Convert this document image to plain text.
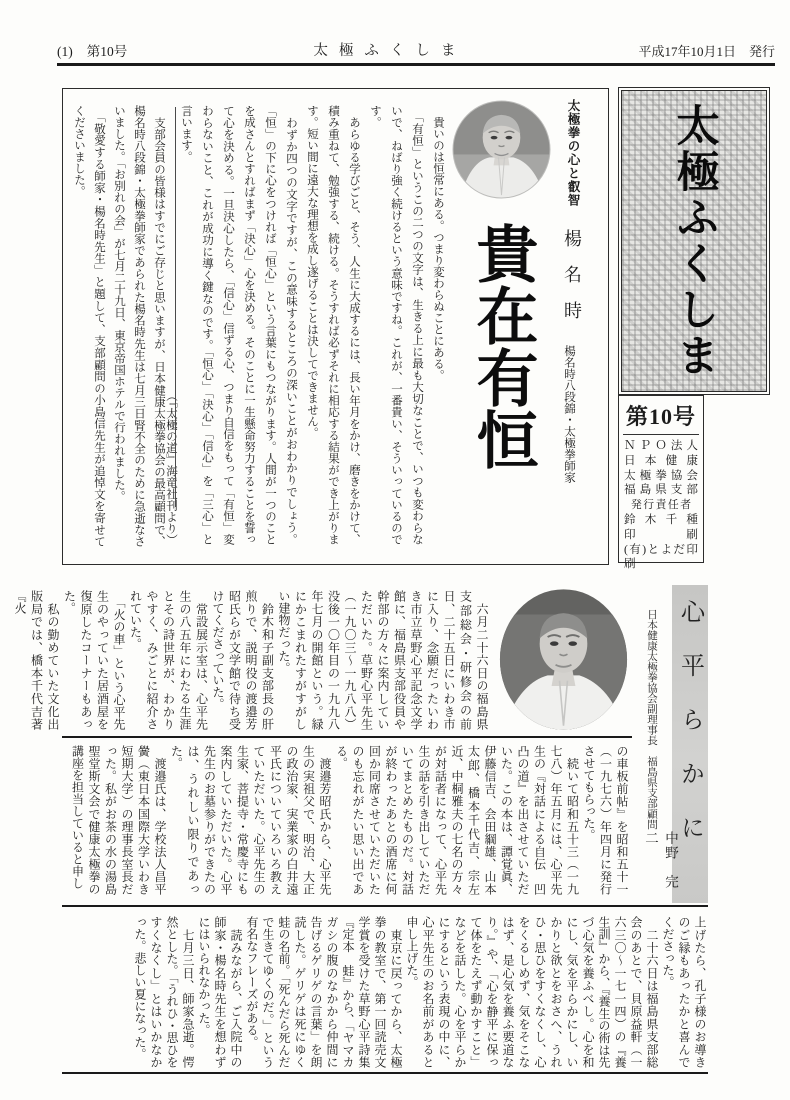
(1) 第10号	太極ふくしま	平成17年10月1日　発行
太極拳の心と叡智
楊　名　時
楊名時八段錦・太極拳師家
貴在有恒

　貴いのは恒常にある。つまり変わらぬことにある。

　「有恒」というこの二つの文字は、生きる上に最も大切なことで、いつも変わらないで、ねばり強く続けるという意味ですね。これが、一番貴い、そういっているのです。

　あらゆる学びごと、そう、人生に大成するには、長い年月をかけ、磨きをかけて、積み重ねて、勉強する、続ける。そうすれば必ずそれに相応する結果ができ上がります。短い間に遠大な理想を成し遂げることは決してできません。

　わずか四つの文字ですが、この意味するところの深いことがおわかりでしょう。「恒」の下に心をつければ「恒心」という言葉にもつながります。人間が一つのことを成さんとすればまず「決心」心を決める。そのことに一生懸命努力することを誓って心を決める。一旦決心したら、「信心」信ずる心、つまり自信をもって「有恒」変わらないこと、これが成功に導く鍵なのです。「恒心」「決心」「信心」を「三心」と言います。

（『太極の道』海竜社刊より）

　支部会員の皆様はすでにご存じと思いますが、日本健康太極拳協会の最高顧問で、楊名時八段錦・太極拳師家であられた楊名時先生は七月三日腎不全のために急逝なさいました。「お別れの会」が七月二十九日、東京帝国ホテルで行われました。

　「敬愛する師家・楊名時先生」と題して、支部顧問の小島信先生が追悼文を寄せてくださいました。	太極ふくしま
第10号

ＮＰＯ法人

日本健康

太極拳協会

福島県支部

発行責任者

鈴木千種

印刷

(有)とよだ印刷

　六月二十六日の福島県支部総会・研修会の前日、二十五日にいわき市に入り、念願だったいわき市立草野心平記念文学館に、福島県支部役員や幹部の方々に案内していただいた。草野心平先生（一九〇三〜一九八八）没後一〇年目の一九九八年七月の開館という。緑にかこまれたすがすがしい建物だった。

　鈴木和子副支部長の肝煎りで、説明役の渡邉芳昭氏らが文学館で待ち受けてくださっていた。

　常設展示室は、心平先生の八五年にわたる生涯とその詩世界が、わかりやすく、みごとに紹介されていた。

　「火の車」という心平先生のやっていた居酒屋を復原したコーナーもあった。

　私の勤めていた文化出版局では、橋本千代吉著『火

の車板前帖』を昭和五十一（一九七六）年四月に発行させてもらった。

　続いて昭和五十三（一九七八）年五月には、心平先生の『対話による自伝　凹凸の道』を出させていただいた。この本は、譚覚眞、伊藤信吉、会田綱雄、山本太郎、橋本千代吉、宗左近、中桐雅夫の七名の方々が対話者になって、心平先生の話を引き出していただいてまとめたものだ。対話が終わったあとの酒席に何回か同席させていただいたのも忘れがたい思い出である。

　渡邉芳昭氏から、心平先生の実祖父で、明治、大正の政治家、実業家の白井遠平氏についていろいろ教えていただいた。心平先生の生家、菩提寺・常慶寺にも案内していただいた。心平先生のお墓参りができたのは、うれしい限りであった。

　渡邉氏は、学校法人昌平黌（東日本国際大学いわき短期大学）の理事長室長だった。私がお茶の水の湯島聖堂斯文会で健康太極拳の講座を担当していると申し	心平らかに
日本健康太極拳協会副理事長福島県支部顧問
中野　完二

上げたら、孔子様のお導きのご縁もあったかと喜んでくださった。

　二十六日は福島県支部総会のあとで、貝原益軒（一六三〇〜一七一四）の『養生訓』から、『養生の術は先づ心気を養ふべし。心を和にし、気を平らかにし、いかりと欲とをおさへ、うれひ・思ひをすくなくし、心をくるしめず、気をそこなはず、是心気を養ふ要道なり。』や、「心を静平に保って体をたえず動かすこと」などを話した。心を平らかにするという表現の中に、心平先生のお名前があると申し上げた。

　東京に戻ってから、太極拳の教室で、第一回読売文学賞を受けた草野心平詩集『定本　蛙』から、「ヤマカガシの腹のなかから仲間に告げるゲリゲの言葉」を朗読した。ゲリゲは死にゆく蛙の名前。「死んだら死んだで生きてゆくのだ。」という有名なフレーズがある。

　読みながら、ご入院中の師家・楊名時先生を想わずにはいられなかった。

　七月三日、師家急逝。愕然とした。「うれひ・思ひをすくなくし」とはいかなかった。悲しい夏になった。
